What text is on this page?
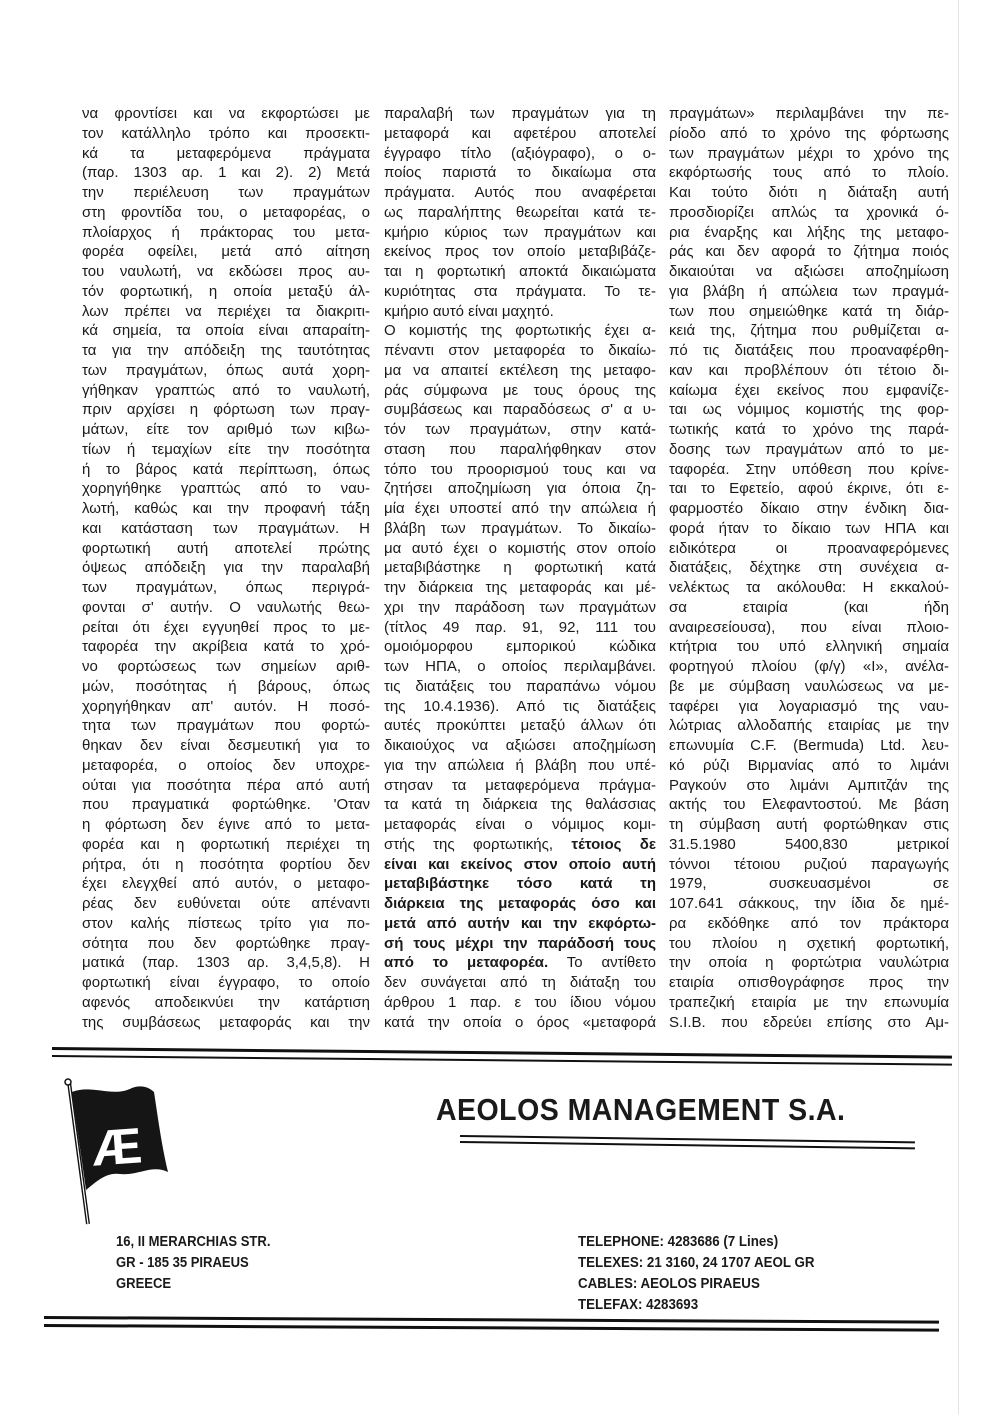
να φροντίσει και να εκφορτώσει με
τον κατάλληλο τρόπο και προσεκτι-
κά τα μεταφερόμενα πράγματα
(παρ. 1303 αρ. 1 και 2). 2) Μετά
την περιέλευση των πραγμάτων
στη φροντίδα του, ο μεταφορέας, ο
πλοίαρχος ή πράκτορας του μετα-
φορέα οφείλει, μετά από αίτηση
του ναυλωτή, να εκδώσει προς αυ-
τόν φορτωτική, η οποία μεταξύ άλ-
λων πρέπει να περιέχει τα διακριτι-
κά σημεία, τα οποία είναι απαραίτη-
τα για την απόδειξη της ταυτότητας
των πραγμάτων, όπως αυτά χορη-
γήθηκαν γραπτώς από το ναυλωτή,
πριν αρχίσει η φόρτωση των πραγ-
μάτων, είτε τον αριθμό των κιβω-
τίων ή τεμαχίων είτε την ποσότητα
ή το βάρος κατά περίπτωση, όπως
χορηγήθηκε γραπτώς από το ναυ-
λωτή, καθώς και την προφανή τάξη
και κατάσταση των πραγμάτων. Η
φορτωτική αυτή αποτελεί πρώτης
όψεως απόδειξη για την παραλαβή
των πραγμάτων, όπως περιγρά-
φονται σ' αυτήν. Ο ναυλωτής θεω-
ρείται ότι έχει εγγυηθεί προς το με-
ταφορέα την ακρίβεια κατά το χρό-
νο φορτώσεως των σημείων αριθ-
μών, ποσότητας ή βάρους, όπως
χορηγήθηκαν απ' αυτόν. Η ποσό-
τητα των πραγμάτων που φορτώ-
θηκαν δεν είναι δεσμευτική για το
μεταφορέα, ο οποίος δεν υποχρε-
ούται για ποσότητα πέρα από αυτή
που πραγματικά φορτώθηκε. 'Οταν
η φόρτωση δεν έγινε από το μετα-
φορέα και η φορτωτική περιέχει τη
ρήτρα, ότι η ποσότητα φορτίου δεν
έχει ελεγχθεί από αυτόν, ο μεταφο-
ρέας δεν ευθύνεται ούτε απέναντι
στον καλής πίστεως τρίτο για πο-
σότητα που δεν φορτώθηκε πραγ-
ματικά (παρ. 1303 αρ. 3,4,5,8). Η
φορτωτική είναι έγγραφο, το οποίο
αφενός αποδεικνύει την κατάρτιση
της συμβάσεως μεταφοράς και την
παραλαβή των πραγμάτων για τη
μεταφορά και αφετέρου αποτελεί
έγγραφο τίτλο (αξιόγραφο), ο ο-
ποίος παριστά το δικαίωμα στα
πράγματα. Αυτός που αναφέρεται
ως παραλήπτης θεωρείται κατά τε-
κμήριο κύριος των πραγμάτων και
εκείνος προς τον οποίο μεταβιβάζε-
ται η φορτωτική αποκτά δικαιώματα
κυριότητας στα πράγματα. Το τε-
κμήριο αυτό είναι μαχητό.
Ο κομιστής της φορτωτικής έχει α-
πέναντι στον μεταφορέα το δικαίω-
μα να απαιτεί εκτέλεση της μεταφο-
ράς σύμφωνα με τους όρους της
συμβάσεως και παραδόσεως σ' α υ-
τόν των πραγμάτων, στην κατά-
σταση που παραλήφθηκαν στον
τόπο του προορισμού τους και να
ζητήσει αποζημίωση για όποια ζη-
μία έχει υποστεί από την απώλεια ή
βλάβη των πραγμάτων. Το δικαίω-
μα αυτό έχει ο κομιστής στον οποίο
μεταβιβάστηκε η φορτωτική κατά
την διάρκεια της μεταφοράς και μέ-
χρι την παράδοση των πραγμάτων
(τίτλος 49 παρ. 91, 92, 111 του
ομοιόμορφου εμπορικού κώδικα
των ΗΠΑ, ο οποίος περιλαμβάνει.
τις διατάξεις του παραπάνω νόμου
της 10.4.1936). Από τις διατάξεις
αυτές προκύπτει μεταξύ άλλων ότι
δικαιούχος να αξιώσει αποζημίωση
για την απώλεια ή βλάβη που υπέ-
στησαν τα μεταφερόμενα πράγμα-
τα κατά τη διάρκεια της θαλάσσιας
μεταφοράς είναι ο νόμιμος κομι-
στής της φορτωτικής, τέτοιος δε
είναι και εκείνος στον οποίο αυτή
μεταβιβάστηκε τόσο κατά τη
διάρκεια της μεταφοράς όσο και
μετά από αυτήν και την εκφόρτω-
σή τους μέχρι την παράδοσή τους
από το μεταφορέα. Το αντίθετο
δεν συνάγεται από τη διάταξη του
άρθρου 1 παρ. ε του ίδιου νόμου
κατά την οποία ο όρος «μεταφορά
πραγμάτων» περιλαμβάνει την πε-
ρίοδο από το χρόνο της φόρτωσης
των πραγμάτων μέχρι το χρόνο της
εκφόρτωσής τους από το πλοίο.
Και τούτο διότι η διάταξη αυτή
προσδιορίζει απλώς τα χρονικά ό-
ρια έναρξης και λήξης της μεταφο-
ράς και δεν αφορά το ζήτημα ποιός
δικαιούται να αξιώσει αποζημίωση
για βλάβη ή απώλεια των πραγμά-
των που σημειώθηκε κατά τη διάρ-
κειά της, ζήτημα που ρυθμίζεται α-
πό τις διατάξεις που προαναφέρθη-
καν και προβλέπουν ότι τέτοιο δι-
καίωμα έχει εκείνος που εμφανίζε-
ται ως νόμιμος κομιστής της φορ-
τωτικής κατά το χρόνο της παρά-
δοσης των πραγμάτων από το με-
ταφορέα. Στην υπόθεση που κρίνε-
ται το Εφετείο, αφού έκρινε, ότι ε-
φαρμοστέο δίκαιο στην ένδικη δια-
φορά ήταν το δίκαιο των ΗΠΑ και
ειδικότερα οι προαναφερόμενες
διατάξεις, δέχτηκε στη συνέχεια α-
νελέκτως τα ακόλουθα: Η εκκαλού-
σα εταιρία (και ήδη
αναιρεσείουσα), που είναι πλοιο-
κτήτρια του υπό ελληνική σημαία
φορτηγού πλοίου (φ/γ) «Ι», ανέλα-
βε με σύμβαση ναυλώσεως να με-
ταφέρει για λογαριασμό της ναυ-
λώτριας αλλοδαπής εταιρίας με την
επωνυμία C.F. (Bermuda) Ltd. λευ-
κό ρύζι Βιρμανίας από το λιμάνι
Ραγκούν στο λιμάνι Αμπιτζάν της
ακτής του Ελεφαντοστού. Με βάση
τη σύμβαση αυτή φορτώθηκαν στις
31.5.1980 5400,830 μετρικοί
τόννοι τέτοιου ρυζιού παραγωγής
1979, συσκευασμένοι σε
107.641 σάκκους, την ίδια δε ημέ-
ρα εκδόθηκε από τον πράκτορα
του πλοίου η σχετική φορτωτική,
την οποία η φορτώτρια ναυλώτρια
εταιρία οπισθογράφησε προς την
τραπεζική εταιρία με την επωνυμία
S.I.B. που εδρεύει επίσης στο Αμ-
Æ
AEOLOS MANAGEMENT S.A.
16, II MERARCHIAS STR.
GR - 185 35 PIRAEUS
GREECE
TELEPHONE: 4283686 (7 Lines)
TELEXES: 21 3160, 24 1707 AEOL GR
CABLES: AEOLOS PIRAEUS
TELEFAX: 4283693
